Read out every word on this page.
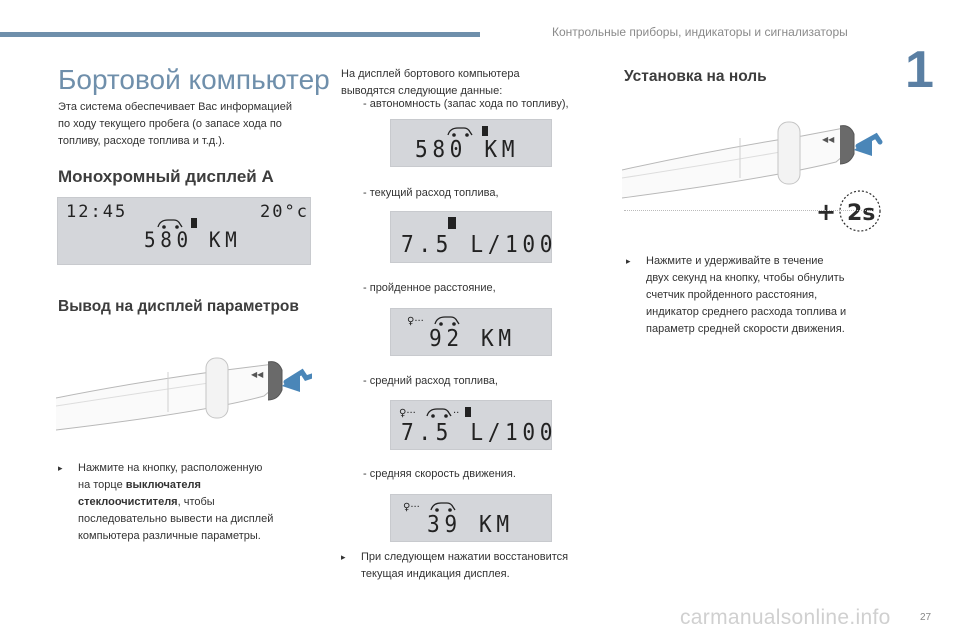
Контрольные приборы, индикаторы и сигнализаторы
1
Бортовой компьютер
Эта система обеспечивает Вас информацией
по ходу текущего пробега (о запасе хода по
топливу, расходе топлива и т.д.).
Монохромный дисплей А
12:45	20°c
580 KM
Вывод на дисплей параметров
◀◀
▸ Нажмите на кнопку, расположенную
на торце выключателя
стеклоочистителя, чтобы
последовательно вывести на дисплей
компьютера различные параметры.
На дисплей бортового компьютера
выводятся следующие данные:
- автономность (запас хода по топливу),
580 KM
- текущий расход топлива,
7.5 L/100
- пройденное расстояние,
♀···
92 KM
- средний расход топлива,
♀···	··
7.5 L/100
- средняя скорость движения.
♀···
39 KM
▸ При следующем нажатии восстановится
текущая индикация дисплея.
Установка на ноль
◀◀
+ 2s
▸ Нажмите и удерживайте в течение
двух секунд на кнопку, чтобы обнулить
счетчик пройденного расстояния,
индикатор среднего расхода топлива и
параметр средней скорости движения.
carmanualsonline.info	27
